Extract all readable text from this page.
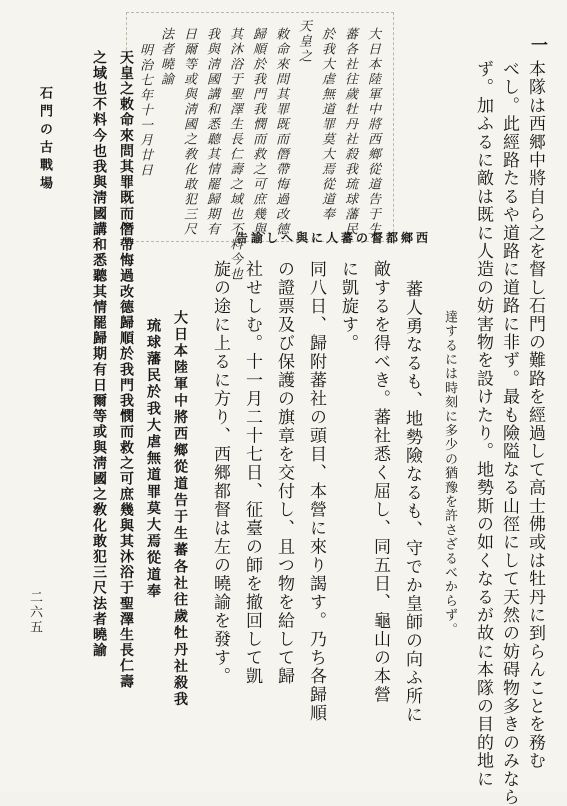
大日本陸軍中將西鄉從道告于生
蕃各社往歲牡丹社殺我琉球藩民
於我大虐無道罪莫大焉從道奉
天皇之
敕命來問其罪既而僭帶悔過改德
歸順於我門我憫而救之可庶幾與
其沐浴于聖澤生長仁壽之域也不料今也
我與淸國講和悉聽其情罷歸期有
日爾等或與淸國之敎化敢犯三尺
法者曉諭
明治七年十一月廿日	一
本隊は西郷中將自ら之を督し石門の難路を經過して高士佛或は牡丹に到らんことを務む
べし。此經路たるや道路に道路に非ず。最も險隘なる山徑にして天然の妨碍物多きのみなら
ず。加ふるに敵は既に人造の妨害物を設けたり。地勢斯の如くなるが故に本隊の目的地に
達するには時刻に多少の猶豫を許さざるべからず。
蕃人勇なるも、地勢險なるも、守でか皇師の向ふ所に
敵するを得べき。蕃社悉く屈し、同五日、龜山の本營
に凱旋す。
同八日、歸附蕃社の頭目、本營に來り謁す。乃ち各歸順
の證票及び保護の旗章を交付し、且つ物を給して歸
社せしむ。十一月二十七日、征臺の師を撤回して凱
旋の途に上るに方り、西郷都督は左の曉諭を發す。
西鄉都督の蕃人に與へし諭告
大日本陸軍中將西鄉從道告于生蕃各社往歲牡丹社殺我
琉球藩民於我大虐無道罪莫大焉從道奉
天皇之敕命來問其罪既而僭帶悔過改德歸順於我門我憫而救之可庶幾與其沐浴于聖澤生長仁壽
之域也不料今也我與淸國講和悉聽其情罷歸期有日爾等或與淸國之敎化敢犯三尺法者曉諭
石門の古戰場
二六五
